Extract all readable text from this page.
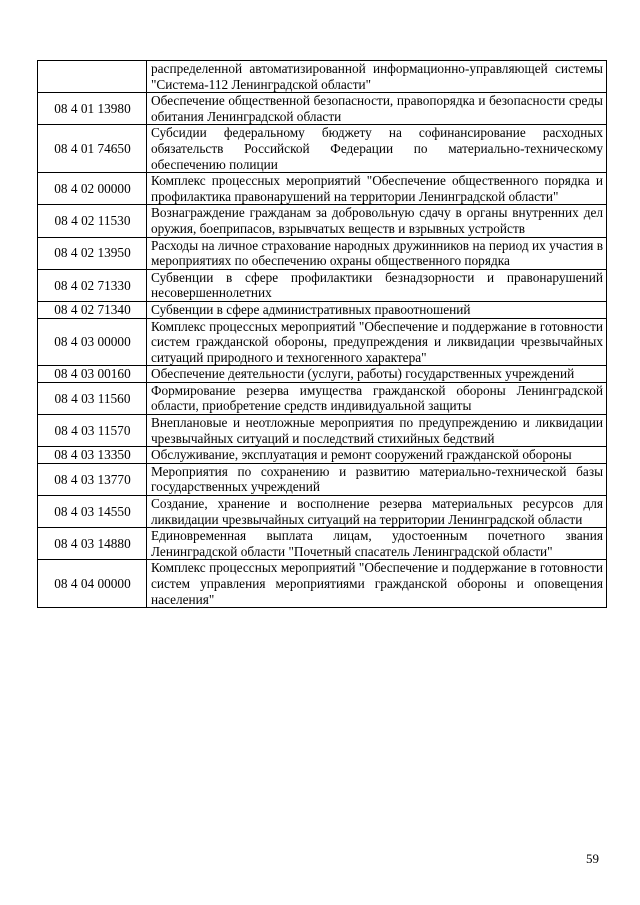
	распределенной автоматизированной информационно-управляющей системы "Система-112 Ленинградской области"
08 4 01 13980	Обеспечение общественной безопасности, правопорядка и безопасности среды обитания Ленинградской области
08 4 01 74650	Субсидии федеральному бюджету на софинансирование расходных обязательств Российской Федерации по материально-техническому обеспечению полиции
08 4 02 00000	Комплекс процессных мероприятий "Обеспечение общественного порядка и профилактика правонарушений на территории Ленинградской области"
08 4 02 11530	Вознаграждение гражданам за добровольную сдачу в органы внутренних дел оружия, боеприпасов, взрывчатых веществ и взрывных устройств
08 4 02 13950	Расходы на личное страхование народных дружинников на период их участия в мероприятиях по обеспечению охраны общественного порядка
08 4 02 71330	Субвенции в сфере профилактики безнадзорности и правонарушений несовершеннолетних
08 4 02 71340	Субвенции в сфере административных правоотношений
08 4 03 00000	Комплекс процессных мероприятий "Обеспечение и поддержание в готовности систем гражданской обороны, предупреждения и ликвидации чрезвычайных ситуаций природного и техногенного характера"
08 4 03 00160	Обеспечение деятельности (услуги, работы) государственных учреждений
08 4 03 11560	Формирование резерва имущества гражданской обороны Ленинградской области, приобретение средств индивидуальной защиты
08 4 03 11570	Внеплановые и неотложные мероприятия по предупреждению и ликвидации чрезвычайных ситуаций и последствий стихийных бедствий
08 4 03 13350	Обслуживание, эксплуатация и ремонт сооружений гражданской обороны
08 4 03 13770	Мероприятия по сохранению и развитию материально-технической базы государственных учреждений
08 4 03 14550	Создание, хранение и восполнение резерва материальных ресурсов для ликвидации чрезвычайных ситуаций на территории Ленинградской области
08 4 03 14880	Единовременная выплата лицам, удостоенным почетного звания Ленинградской области "Почетный спасатель Ленинградской области"
08 4 04 00000	Комплекс процессных мероприятий "Обеспечение и поддержание в готовности систем управления мероприятиями гражданской обороны и оповещения населения"
59
